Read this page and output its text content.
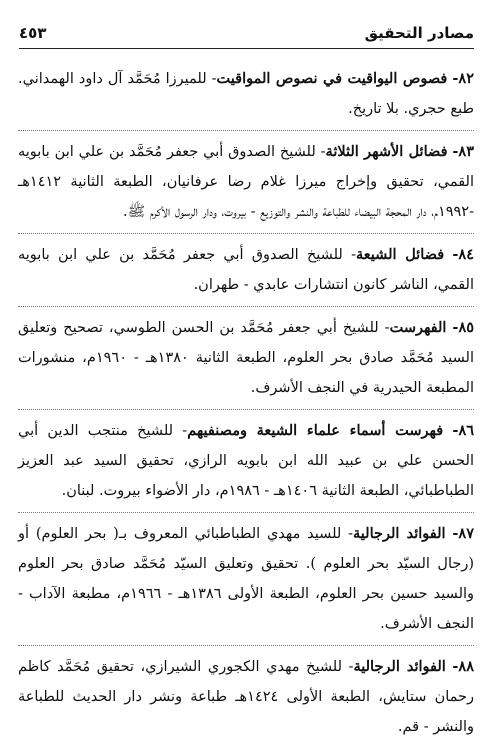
مصادر التحقيق
٤٥٣

٨٢- فصوص اليواقيت في نصوص المواقيت- للميرزا مُحَمَّد آل داود الهمداني. طبع حجري. بلا تاريخ.

٨٣- فضائل الأشهر الثلاثة- للشيخ الصدوق أبي جعفر مُحَمَّد بن علي ابن بابويه القمي، تحقيق وإخراج ميرزا غلام رضا عرفانيان، الطبعة الثانية ١٤١٢هـ -١٩٩٢م، دار المحجة البيضاء للطباعة والنشر والتوزيع - بيروت، ودار الرسول الأكرم ﷺ.

٨٤- فضائل الشيعة- للشيخ الصدوق أبي جعفر مُحَمَّد بن علي ابن بابويه القمي، الناشر كانون انتشارات عابدي - طهران.

٨٥- الفهرست- للشيخ أبي جعفر مُحَمَّد بن الحسن الطوسي، تصحيح وتعليق السيد مُحَمَّد صادق بحر العلوم، الطبعة الثانية ١٣٨٠هـ - ١٩٦٠م، منشورات المطبعة الحيدرية في النجف الأشرف.

٨٦- فهرست أسماء علماء الشيعة ومصنفيهم- للشيخ منتجب الدين أبي الحسن علي بن عبيد الله ابن بابويه الرازي، تحقيق السيد عبد العزيز الطباطبائي، الطبعة الثانية ١٤٠٦هـ - ١٩٨٦م، دار الأضواء بيروت. لبنان.

٨٧- الفوائد الرجالية- للسيد مهدي الطباطبائي المعروف بـ( بحر العلوم) أو (رجال السيّد بحر العلوم ). تحقيق وتعليق السيّد مُحَمَّد صادق بحر العلوم والسيد حسين بحر العلوم، الطبعة الأولى ١٣٨٦هـ - ١٩٦٦م، مطبعة الآداب - النجف الأشرف.

٨٨- الفوائد الرجالية- للشيخ مهدي الكجوري الشيرازي، تحقيق مُحَمَّد كاظم رحمان ستايش، الطبعة الأولى ١٤٢٤هـ طباعة ونشر دار الحديث للطباعة والنشر - قم.
